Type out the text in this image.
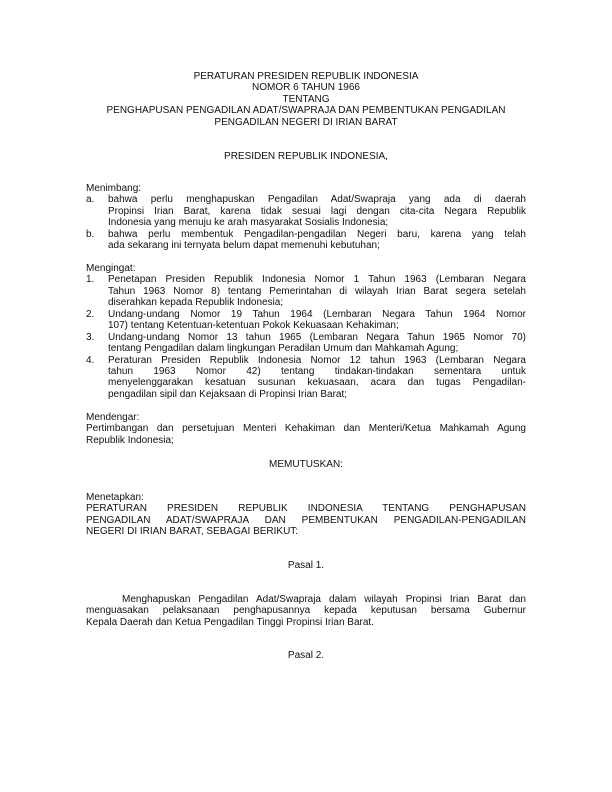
PERATURAN PRESIDEN REPUBLIK INDONESIA
NOMOR 6 TAHUN 1966
TENTANG
PENGHAPUSAN PENGADILAN ADAT/SWAPRAJA DAN PEMBENTUKAN PENGADILAN
PENGADILAN NEGERI DI IRIAN BARAT
PRESIDEN REPUBLIK INDONESIA,
Menimbang:
a. bahwa perlu menghapuskan Pengadilan Adat/Swapraja yang ada di daerah
Propinsi Irian Barat, karena tidak sesuai lagi dengan cita-cita Negara Republik
Indonesia yang menuju ke arah masyarakat Sosialis Indonesia;
b. bahwa perlu membentuk Pengadilan-pengadilan Negeri baru, karena yang telah
ada sekarang ini ternyata belum dapat memenuhi kebutuhan;
Mengingat:
1. Penetapan Presiden Republik Indonesia Nomor 1 Tahun 1963 (Lembaran Negara
Tahun 1963 Nomor 8) tentang Pemerintahan di wilayah Irian Barat segera setelah
diserahkan kepada Republik Indonesia;
2. Undang-undang Nomor 19 Tahun 1964 (Lembaran Negara Tahun 1964 Nomor
107) tentang Ketentuan-ketentuan Pokok Kekuasaan Kehakiman;
3. Undang-undang Nomor 13 tahun 1965 (Lembaran Negara Tahun 1965 Nomor 70)
tentang Pengadilan dalam lingkungan Peradilan Umum dan Mahkamah Agung;
4. Peraturan Presiden Republik Indonesia Nomor 12 tahun 1963 (Lembaran Negara
tahun 1963 Nomor 42) tentang tindakan-tindakan sementara untuk
menyelenggarakan kesatuan susunan kekuasaan, acara dan tugas Pengadilan-
pengadilan sipil dan Kejaksaan di Propinsi Irian Barat;
Mendengar:
Pertimbangan dan persetujuan Menteri Kehakiman dan Menteri/Ketua Mahkamah Agung
Republik Indonesia;
MEMUTUSKAN:
Menetapkan:
PERATURAN PRESIDEN REPUBLIK INDONESIA TENTANG PENGHAPUSAN
PENGADILAN ADAT/SWAPRAJA DAN PEMBENTUKAN PENGADILAN-PENGADILAN
NEGERI DI IRIAN BARAT, SEBAGAI BERIKUT:
Pasal 1.
Menghapuskan Pengadilan Adat/Swapraja dalam wilayah Propinsi Irian Barat dan
menguasakan pelaksanaan penghapusannya kepada keputusan bersama Gubernur
Kepala Daerah dan Ketua Pengadilan Tinggi Propinsi Irian Barat.
Pasal 2.
